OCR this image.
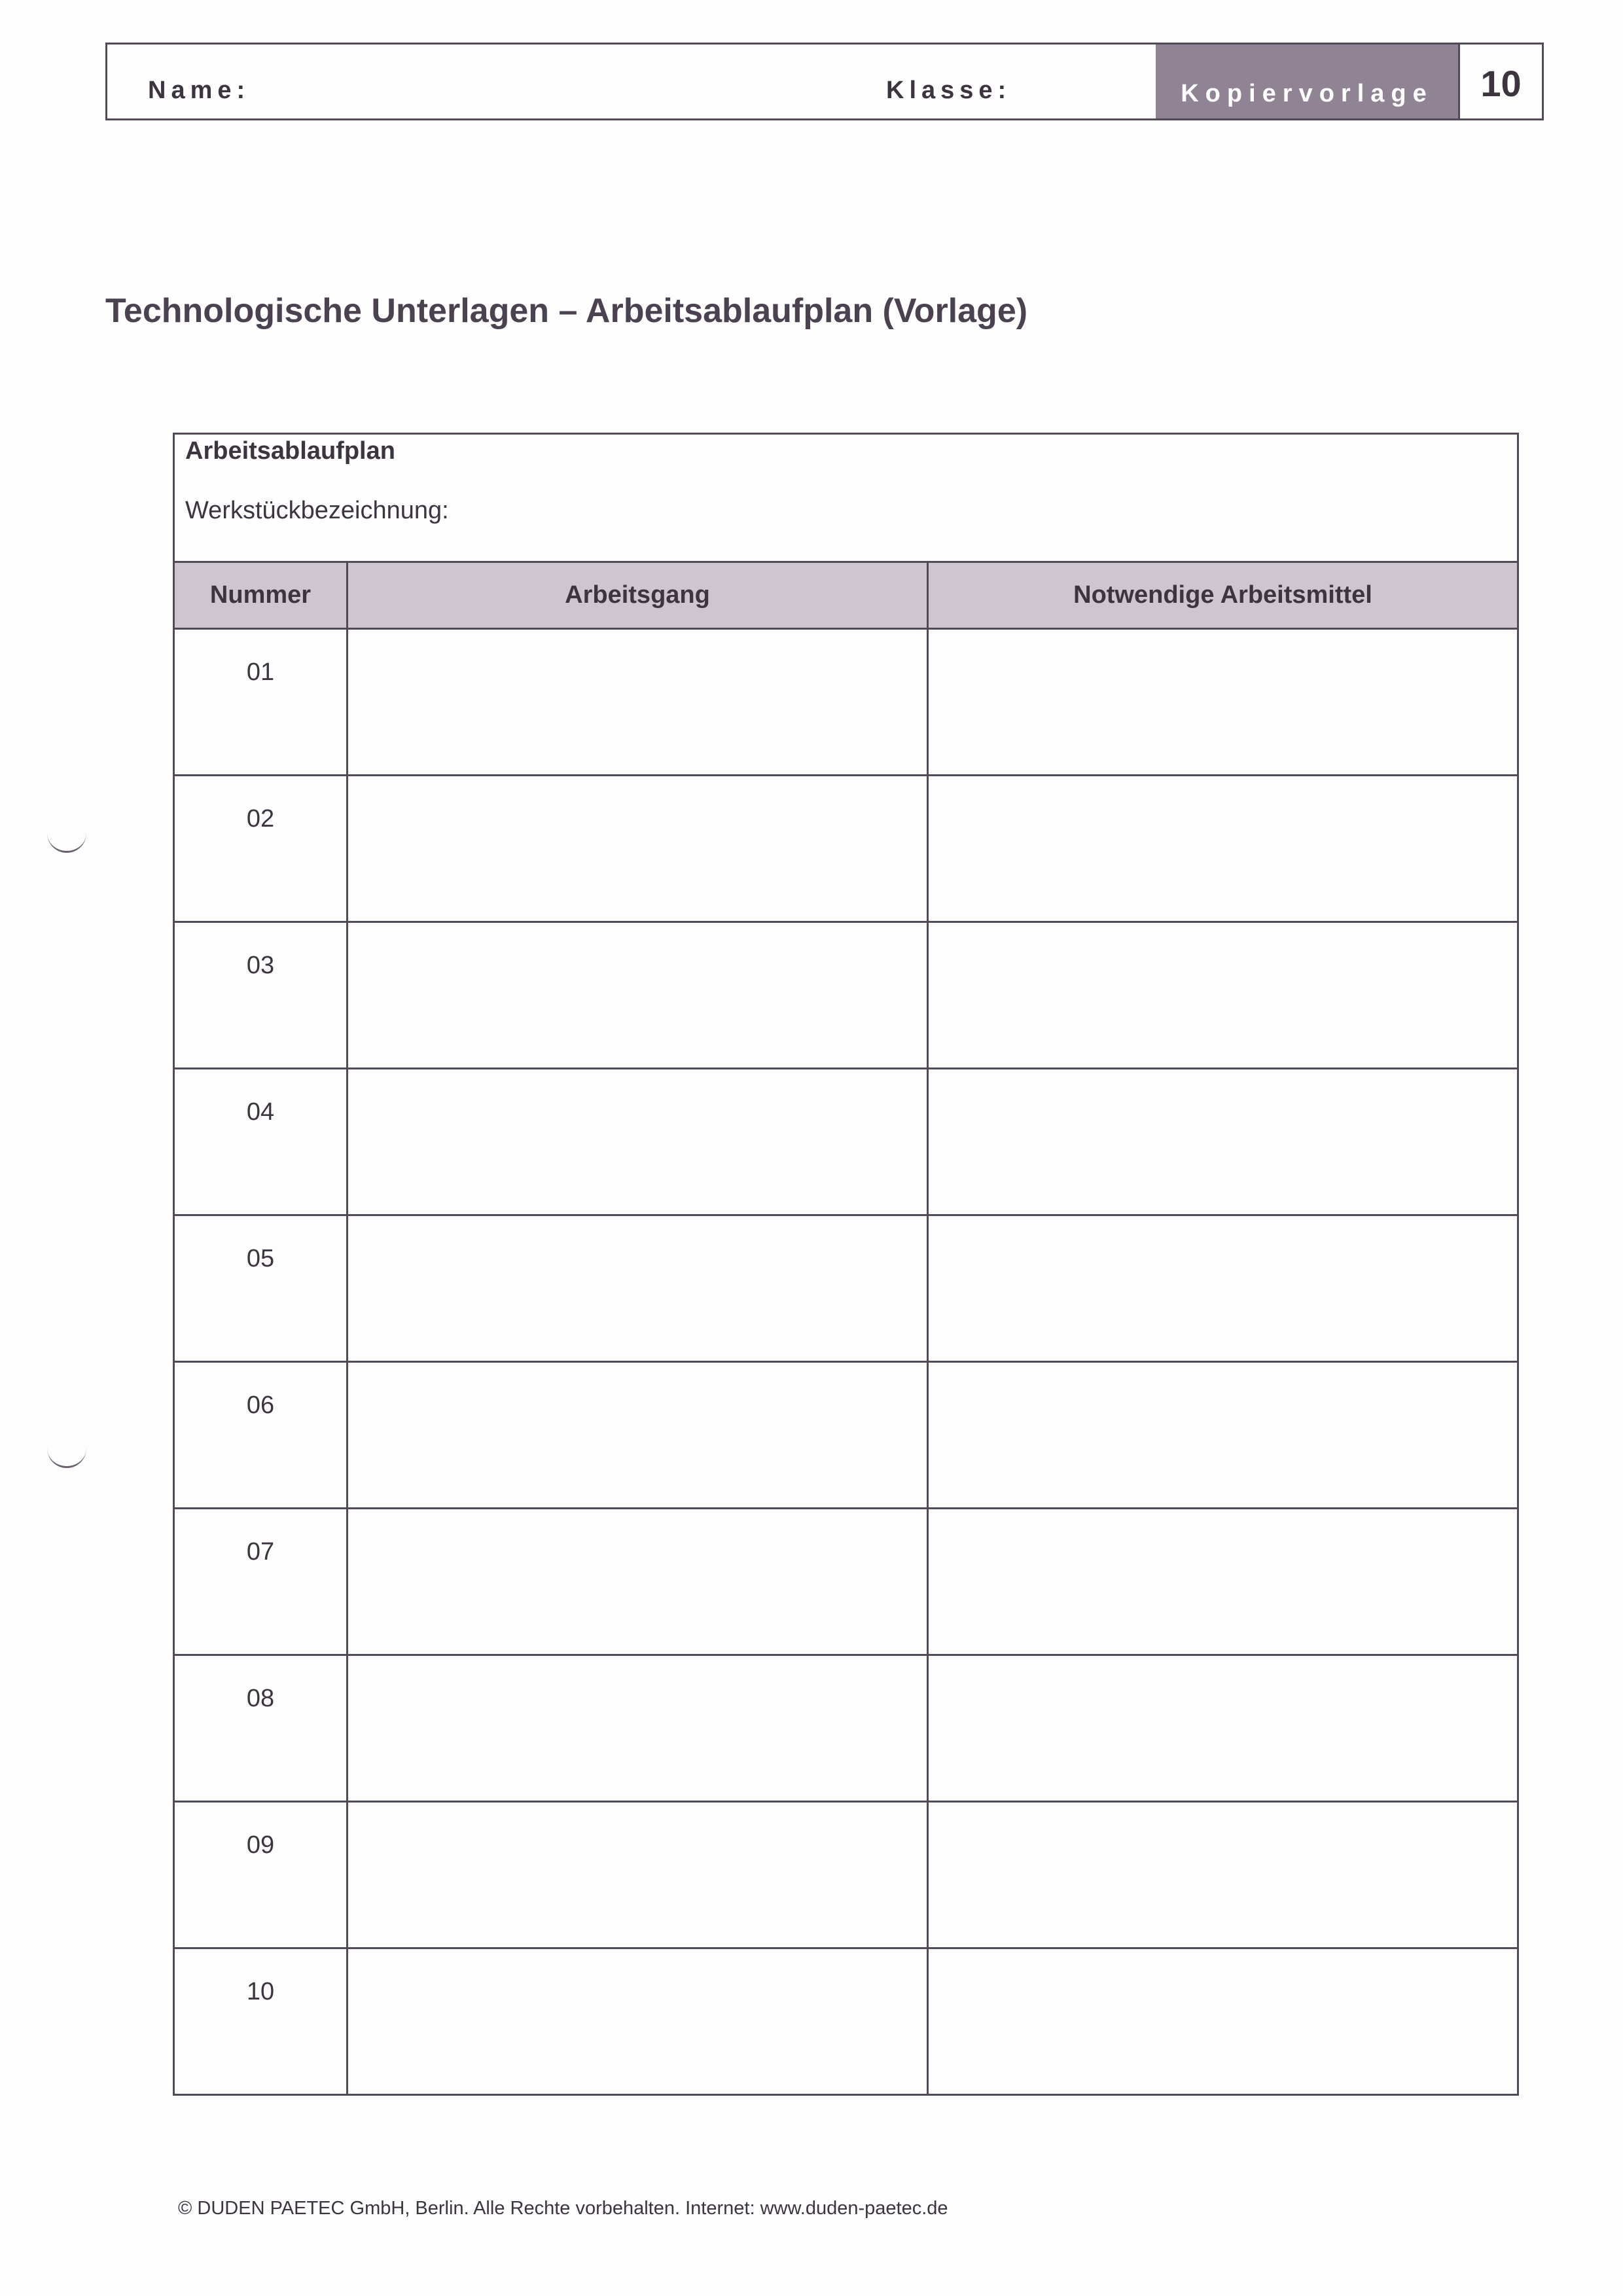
Name:	Klasse:	Kopiervorlage	10
Technologische Unterlagen – Arbeitsablaufplan (Vorlage)
Arbeitsablaufplan
Werkstückbezeichnung:		

Nummer	Arbeitsgang	Notwendige Arbeitsmittel
01		
02		
03		
04		
05		
06		
07		
08		
09		
10		
© DUDEN PAETEC GmbH, Berlin. Alle Rechte vorbehalten. Internet: www.duden-paetec.de
